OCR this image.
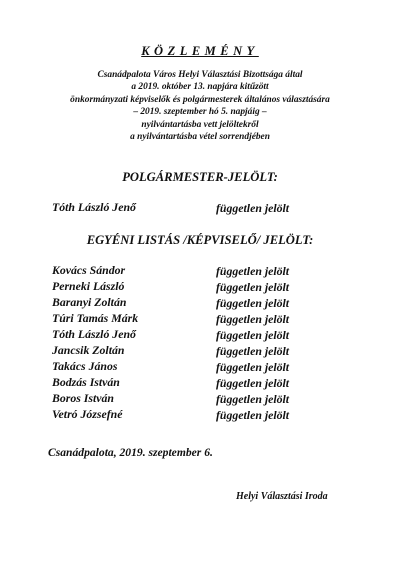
KÖZLEMÉNY
Csanádpalota Város Helyi Választási Bizottsága által
a 2019. október 13. napjára kitűzött
önkormányzati képviselők és polgármesterek általános választására
– 2019. szeptember hó 5. napjáig –
nyilvántartásba vett jelöltekről
a nyilvántartásba vétel sorrendjében
POLGÁRMESTER-JELÖLT:
Tóth László Jenő	független jelölt
EGYÉNI LISTÁS /KÉPVISELŐ/ JELÖLT:
Kovács Sándor	független jelölt
Perneki László	független jelölt
Baranyi Zoltán	független jelölt
Túri Tamás Márk	független jelölt
Tóth László Jenő	független jelölt
Jancsik Zoltán	független jelölt
Takács János	független jelölt
Bodzás István	független jelölt
Boros István	független jelölt
Vetró Józsefné	független jelölt
Csanádpalota, 2019. szeptember 6.
Helyi Választási Iroda
